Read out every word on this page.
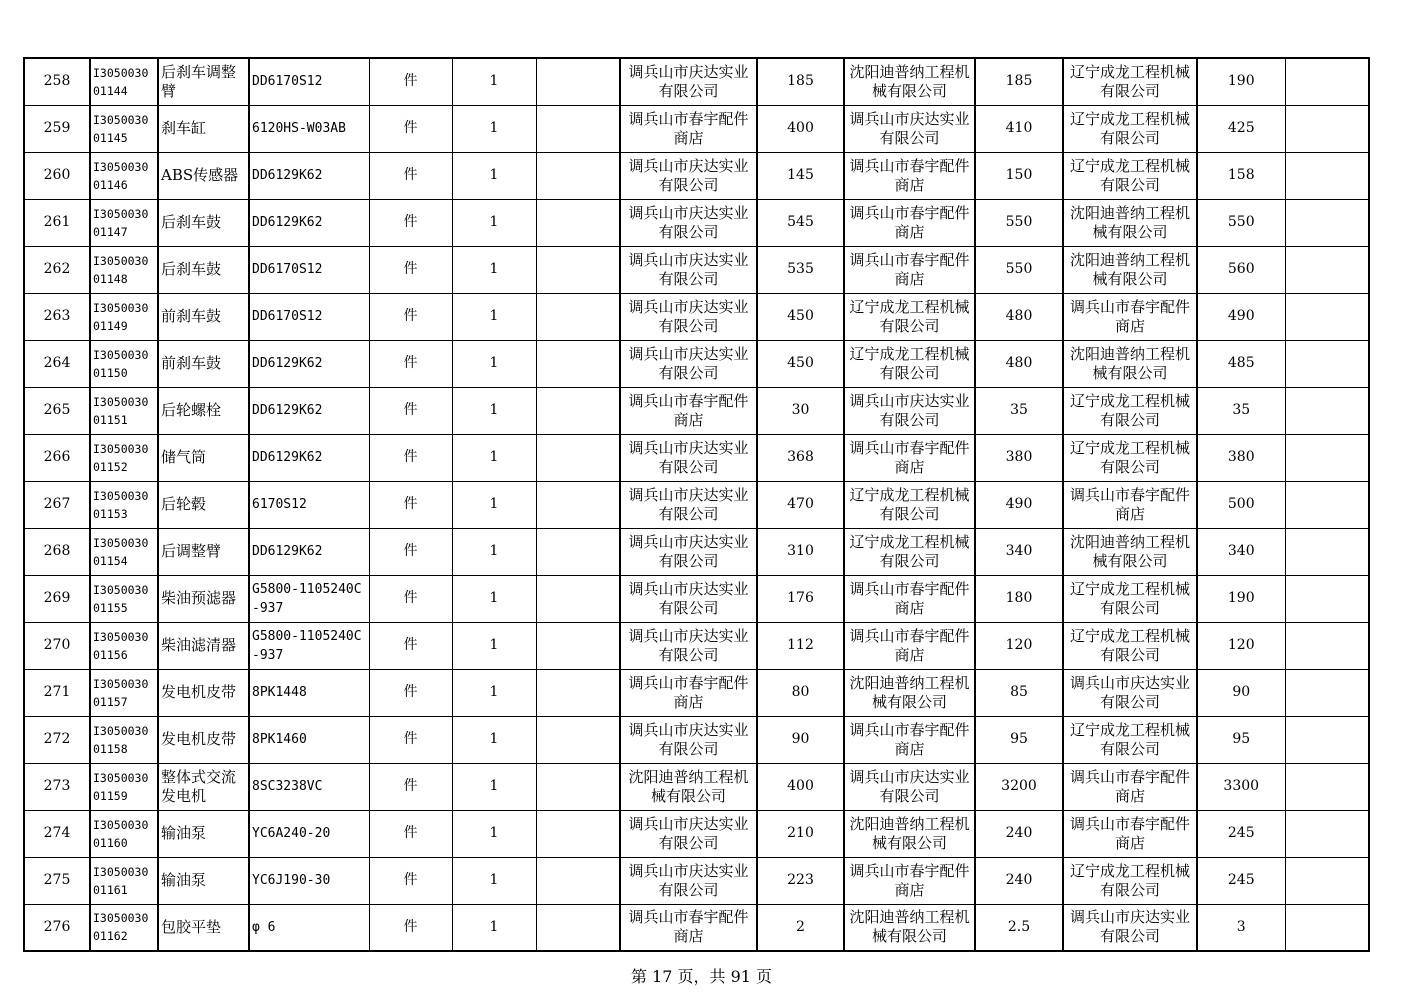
258	I305003001144	后刹车调整臂	DD6170S12	件	1		调兵山市庆达实业有限公司	185	沈阳迪普纳工程机械有限公司	185	辽宁成龙工程机械有限公司	190	
259	I305003001145	刹车缸	6120HS-W03AB	件	1		调兵山市春宇配件商店	400	调兵山市庆达实业有限公司	410	辽宁成龙工程机械有限公司	425	
260	I305003001146	ABS传感器	DD6129K62	件	1		调兵山市庆达实业有限公司	145	调兵山市春宇配件商店	150	辽宁成龙工程机械有限公司	158	
261	I305003001147	后刹车鼓	DD6129K62	件	1		调兵山市庆达实业有限公司	545	调兵山市春宇配件商店	550	沈阳迪普纳工程机械有限公司	550	
262	I305003001148	后刹车鼓	DD6170S12	件	1		调兵山市庆达实业有限公司	535	调兵山市春宇配件商店	550	沈阳迪普纳工程机械有限公司	560	
263	I305003001149	前刹车鼓	DD6170S12	件	1		调兵山市庆达实业有限公司	450	辽宁成龙工程机械有限公司	480	调兵山市春宇配件商店	490	
264	I305003001150	前刹车鼓	DD6129K62	件	1		调兵山市庆达实业有限公司	450	辽宁成龙工程机械有限公司	480	沈阳迪普纳工程机械有限公司	485	
265	I305003001151	后轮螺栓	DD6129K62	件	1		调兵山市春宇配件商店	30	调兵山市庆达实业有限公司	35	辽宁成龙工程机械有限公司	35	
266	I305003001152	储气筒	DD6129K62	件	1		调兵山市庆达实业有限公司	368	调兵山市春宇配件商店	380	辽宁成龙工程机械有限公司	380	
267	I305003001153	后轮毂	6170S12	件	1		调兵山市庆达实业有限公司	470	辽宁成龙工程机械有限公司	490	调兵山市春宇配件商店	500	
268	I305003001154	后调整臂	DD6129K62	件	1		调兵山市庆达实业有限公司	310	辽宁成龙工程机械有限公司	340	沈阳迪普纳工程机械有限公司	340	
269	I305003001155	柴油预滤器	G5800-1105240C-937	件	1		调兵山市庆达实业有限公司	176	调兵山市春宇配件商店	180	辽宁成龙工程机械有限公司	190	
270	I305003001156	柴油滤清器	G5800-1105240C-937	件	1		调兵山市庆达实业有限公司	112	调兵山市春宇配件商店	120	辽宁成龙工程机械有限公司	120	
271	I305003001157	发电机皮带	8PK1448	件	1		调兵山市春宇配件商店	80	沈阳迪普纳工程机械有限公司	85	调兵山市庆达实业有限公司	90	
272	I305003001158	发电机皮带	8PK1460	件	1		调兵山市庆达实业有限公司	90	调兵山市春宇配件商店	95	辽宁成龙工程机械有限公司	95	
273	I305003001159	整体式交流发电机	8SC3238VC	件	1		沈阳迪普纳工程机械有限公司	400	调兵山市庆达实业有限公司	3200	调兵山市春宇配件商店	3300	
274	I305003001160	输油泵	YC6A240-20	件	1		调兵山市庆达实业有限公司	210	沈阳迪普纳工程机械有限公司	240	调兵山市春宇配件商店	245	
275	I305003001161	输油泵	YC6J190-30	件	1		调兵山市庆达实业有限公司	223	调兵山市春宇配件商店	240	辽宁成龙工程机械有限公司	245	
276	I305003001162	包胶平垫	φ 6	件	1		调兵山市春宇配件商店	2	沈阳迪普纳工程机械有限公司	2.5	调兵山市庆达实业有限公司	3	
第 17 页，共 91 页
